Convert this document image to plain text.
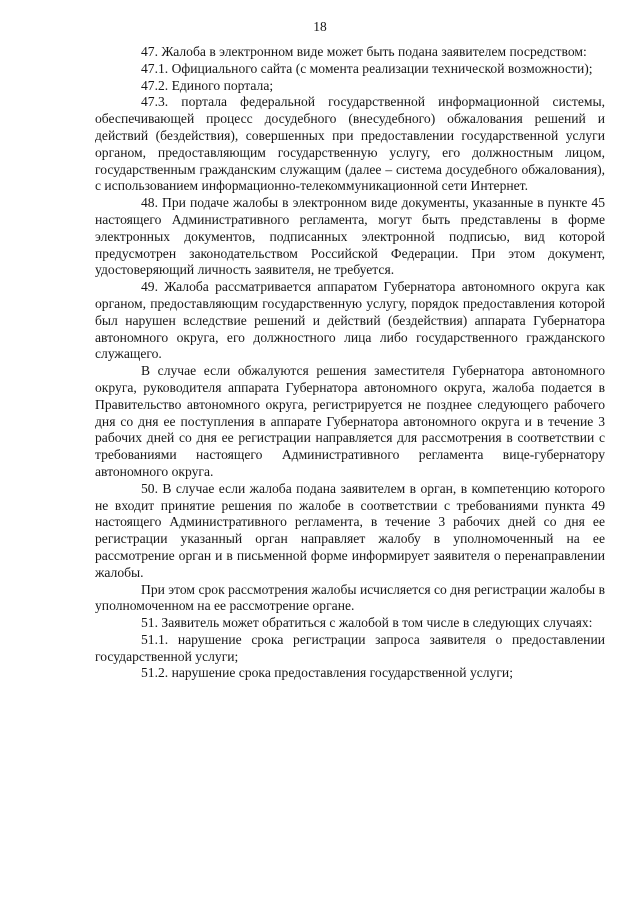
18

47. Жалоба в электронном виде может быть подана заявителем посредством:

47.1. Официального сайта (с момента реализации технической возможности);

47.2. Единого портала;

47.3. портала федеральной государственной информационной системы, обеспечивающей процесс досудебного (внесудебного) обжалования решений и действий (бездействия), совершенных при предоставлении государственной услуги органом, предоставляющим государственную услугу, его должностным лицом, государственным гражданским служащим (далее – система досудебного обжалования), с использованием информационно-телекоммуникационной сети Интернет.

48. При подаче жалобы в электронном виде документы, указанные в пункте 45 настоящего Административного регламента, могут быть представлены в форме электронных документов, подписанных электронной подписью, вид которой предусмотрен законодательством Российской Федерации. При этом документ, удостоверяющий личность заявителя, не требуется.

49. Жалоба рассматривается аппаратом Губернатора автономного округа как органом, предоставляющим государственную услугу, порядок предоставления которой был нарушен вследствие решений и действий (бездействия) аппарата Губернатора автономного округа, его должностного лица либо государственного гражданского служащего.

В случае если обжалуются решения заместителя Губернатора автономного округа, руководителя аппарата Губернатора автономного округа, жалоба подается в Правительство автономного округа, регистрируется не позднее следующего рабочего дня со дня ее поступления в аппарате Губернатора автономного округа и в течение 3 рабочих дней со дня ее регистрации направляется для рассмотрения в соответствии с требованиями настоящего Административного регламента вице-губернатору автономного округа.

50. В случае если жалоба подана заявителем в орган, в компетенцию которого не входит принятие решения по жалобе в соответствии с требованиями пункта 49 настоящего Административного регламента, в течение 3 рабочих дней со дня ее регистрации указанный орган направляет жалобу в уполномоченный на ее рассмотрение орган и в письменной форме информирует заявителя о перенаправлении жалобы.

При этом срок рассмотрения жалобы исчисляется со дня регистрации жалобы в уполномоченном на ее рассмотрение органе.

51. Заявитель может обратиться с жалобой в том числе в следующих случаях:

51.1. нарушение срока регистрации запроса заявителя о предоставлении государственной услуги;

51.2. нарушение срока предоставления государственной услуги;
